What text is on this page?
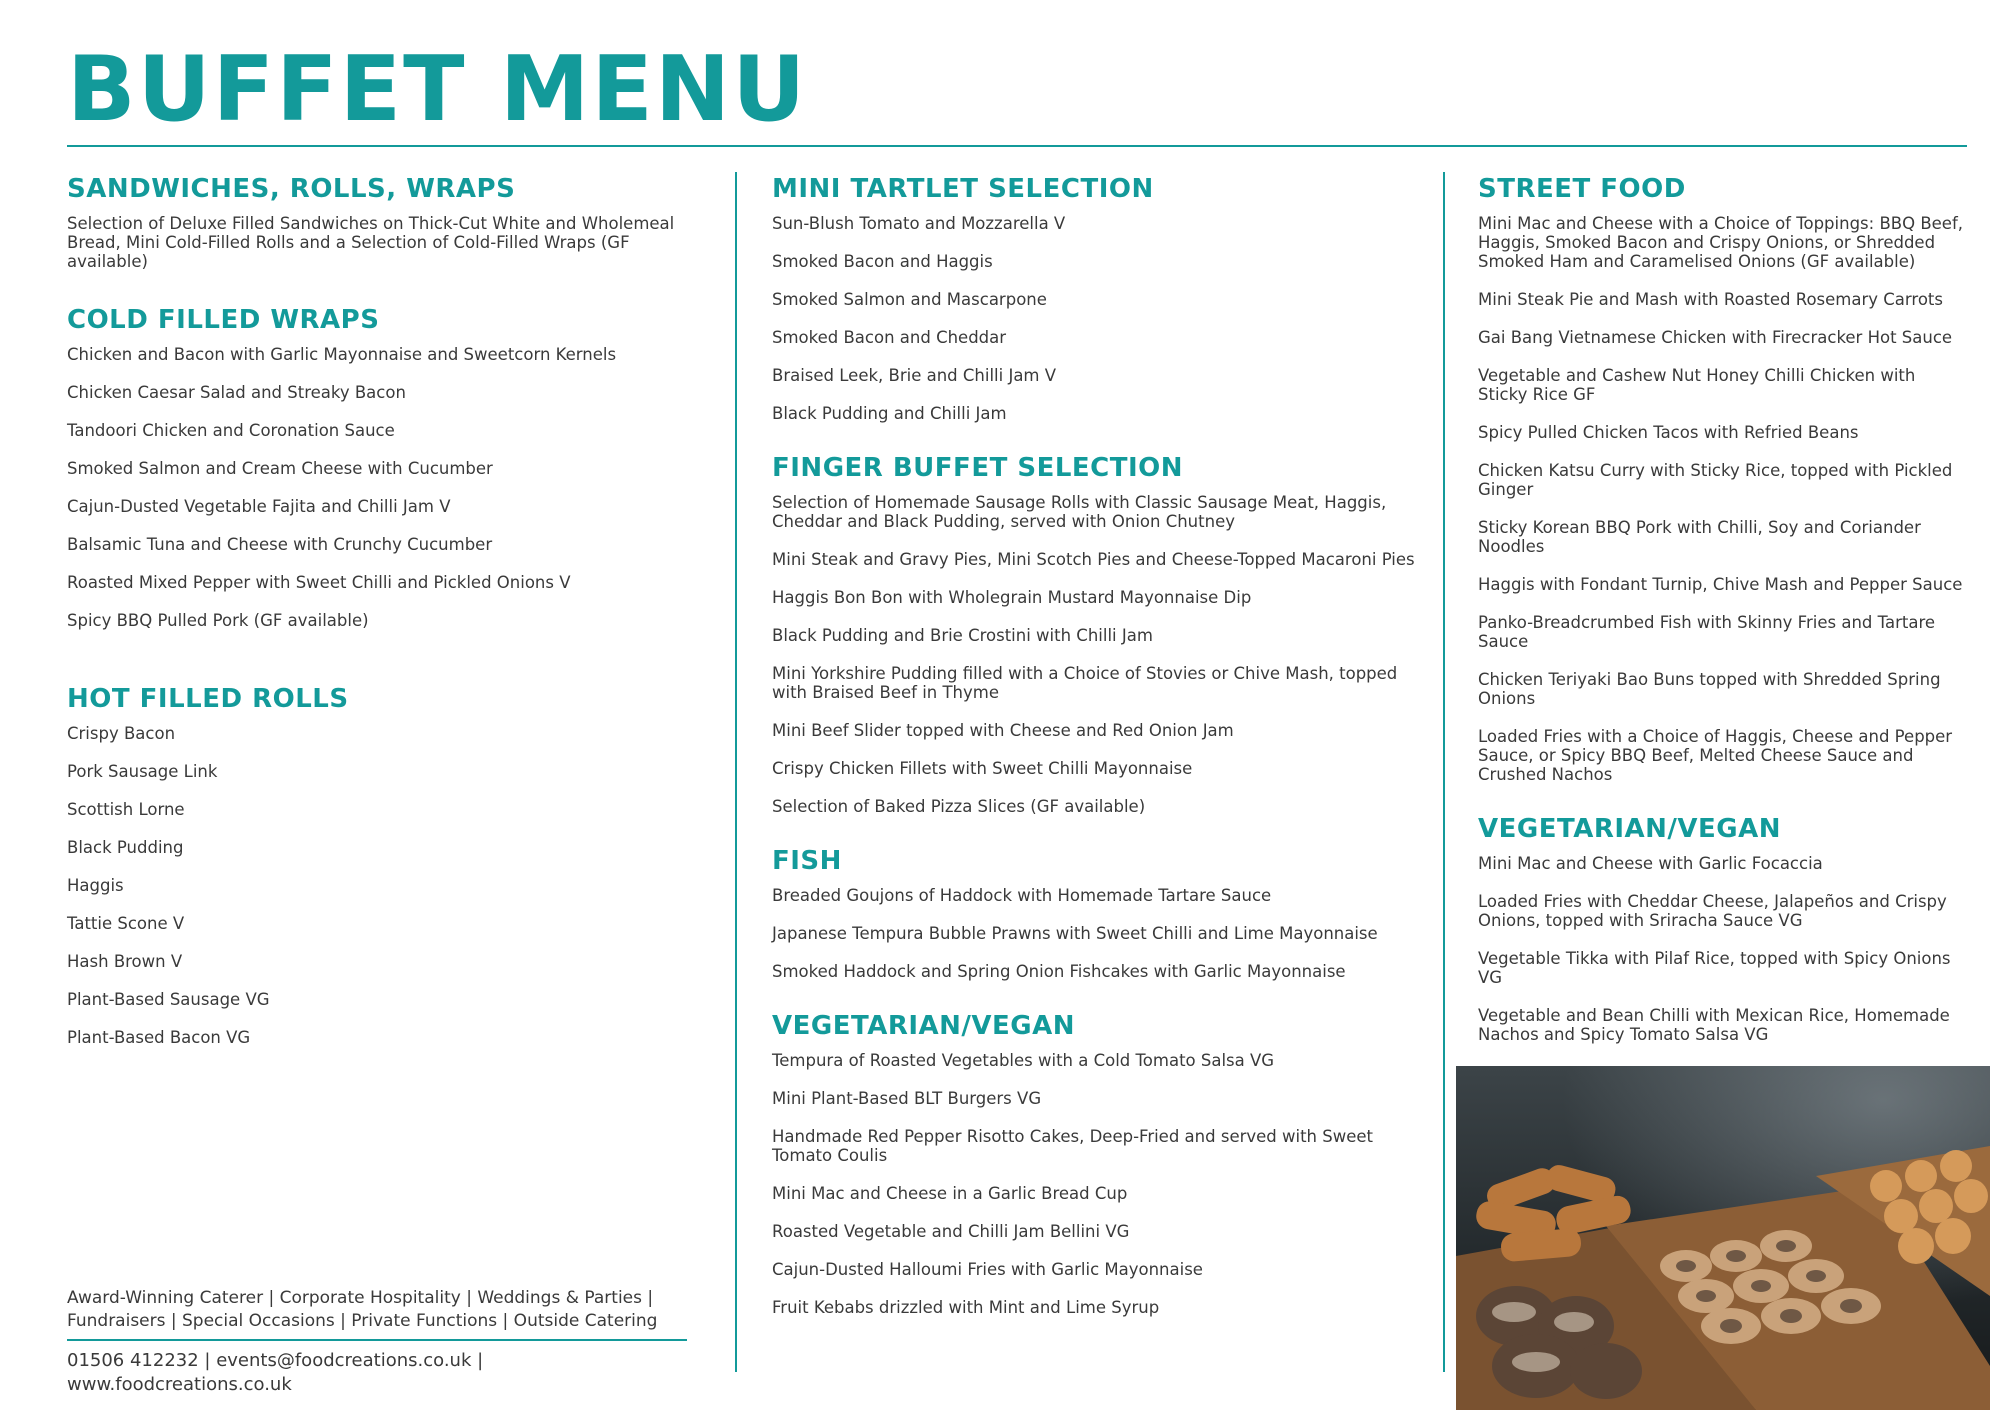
BUFFET MENU
SANDWICHES, ROLLS, WRAPS

Selection of Deluxe Filled Sandwiches on Thick-Cut White and Wholemeal Bread, Mini Cold-Filled Rolls and a Selection of Cold-Filled Wraps (GF available)

COLD FILLED WRAPS
Chicken and Bacon with Garlic Mayonnaise and Sweetcorn Kernels
Chicken Caesar Salad and Streaky Bacon
Tandoori Chicken and Coronation Sauce
Smoked Salmon and Cream Cheese with Cucumber
Cajun-Dusted Vegetable Fajita and Chilli Jam V
Balsamic Tuna and Cheese with Crunchy Cucumber
Roasted Mixed Pepper with Sweet Chilli and Pickled Onions V
Spicy BBQ Pulled Pork (GF available)
HOT FILLED ROLLS
Crispy Bacon
Pork Sausage Link
Scottish Lorne
Black Pudding
Haggis
Tattie Scone V
Hash Brown V
Plant-Based Sausage VG
Plant-Based Bacon VG
MINI TARTLET SELECTION
Sun-Blush Tomato and Mozzarella V
Smoked Bacon and Haggis
Smoked Salmon and Mascarpone
Smoked Bacon and Cheddar
Braised Leek, Brie and Chilli Jam V
Black Pudding and Chilli Jam
FINGER BUFFET SELECTION
Selection of Homemade Sausage Rolls with Classic Sausage Meat, Haggis, Cheddar and Black Pudding, served with Onion Chutney
Mini Steak and Gravy Pies, Mini Scotch Pies and Cheese-Topped Macaroni Pies
Haggis Bon Bon with Wholegrain Mustard Mayonnaise Dip
Black Pudding and Brie Crostini with Chilli Jam
Mini Yorkshire Pudding filled with a Choice of Stovies or Chive Mash, topped with Braised Beef in Thyme
Mini Beef Slider topped with Cheese and Red Onion Jam
Crispy Chicken Fillets with Sweet Chilli Mayonnaise
Selection of Baked Pizza Slices (GF available)
FISH
Breaded Goujons of Haddock with Homemade Tartare Sauce
Japanese Tempura Bubble Prawns with Sweet Chilli and Lime Mayonnaise
Smoked Haddock and Spring Onion Fishcakes with Garlic Mayonnaise
VEGETARIAN/VEGAN
Tempura of Roasted Vegetables with a Cold Tomato Salsa VG
Mini Plant-Based BLT Burgers VG
Handmade Red Pepper Risotto Cakes, Deep-Fried and served with Sweet Tomato Coulis
Mini Mac and Cheese in a Garlic Bread Cup
Roasted Vegetable and Chilli Jam Bellini VG
Cajun-Dusted Halloumi Fries with Garlic Mayonnaise
Fruit Kebabs drizzled with Mint and Lime Syrup
STREET FOOD
Mini Mac and Cheese with a Choice of Toppings: BBQ Beef, Haggis, Smoked Bacon and Crispy Onions, or Shredded Smoked Ham and Caramelised Onions (GF available)
Mini Steak Pie and Mash with Roasted Rosemary Carrots
Gai Bang Vietnamese Chicken with Firecracker Hot Sauce
Vegetable and Cashew Nut Honey Chilli Chicken with Sticky Rice GF
Spicy Pulled Chicken Tacos with Refried Beans
Chicken Katsu Curry with Sticky Rice, topped with Pickled Ginger
Sticky Korean BBQ Pork with Chilli, Soy and Coriander Noodles
Haggis with Fondant Turnip, Chive Mash and Pepper Sauce
Panko-Breadcrumbed Fish with Skinny Fries and Tartare Sauce
Chicken Teriyaki Bao Buns topped with Shredded Spring Onions
Loaded Fries with a Choice of Haggis, Cheese and Pepper Sauce, or Spicy BBQ Beef, Melted Cheese Sauce and Crushed Nachos
VEGETARIAN/VEGAN
Mini Mac and Cheese with Garlic Focaccia
Loaded Fries with Cheddar Cheese, Jalapeños and Crispy Onions, topped with Sriracha Sauce VG
Vegetable Tikka with Pilaf Rice, topped with Spicy Onions VG
Vegetable and Bean Chilli with Mexican Rice, Homemade Nachos and Spicy Tomato Salsa VG
Award-Winning Caterer | Corporate Hospitality | Weddings & Parties |
Fundraisers | Special Occasions | Private Functions | Outside Catering
01506 412232 | events@foodcreations.co.uk | www.foodcreations.co.uk
